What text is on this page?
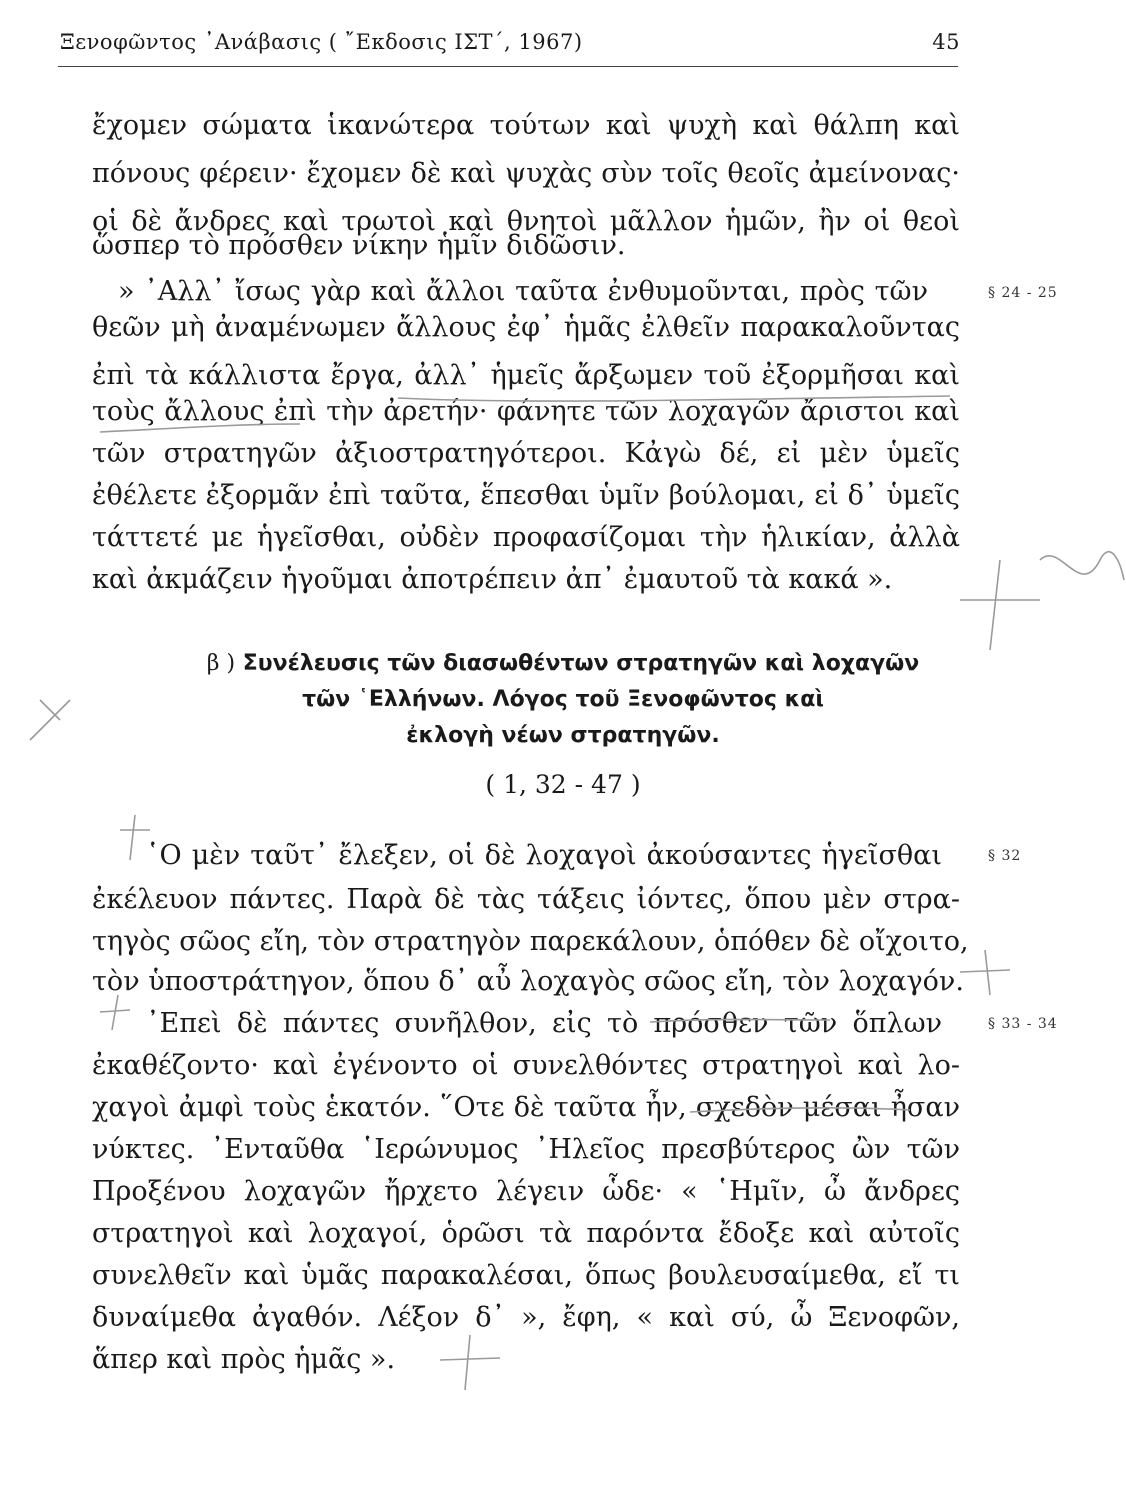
Ξενοφῶντος ᾿Ανάβασις ( ῎Εκδοσις ΙΣΤ΄, 1967)	45
ἔχομεν σώματα ἱκανώτερα τούτων καὶ ψυχὴ καὶ θάλπη καὶ
πόνους φέρειν· ἔχομεν δὲ καὶ ψυχὰς σὺν τοῖς θεοῖς ἀμείνονας·
οἱ δὲ ἄνδρες καὶ τρωτοὶ καὶ θνητοὶ μᾶλλον ἡμῶν, ἢν οἱ θεοὶ
ὥσπερ τὸ πρόσθεν νίκην ἡμῖν διδῶσιν.
» ᾿Αλλ᾿ ἴσως γὰρ καὶ ἄλλοι ταῦτα ἐνθυμοῦνται, πρὸς τῶν	§ 24 - 25
θεῶν μὴ ἀναμένωμεν ἄλλους ἐφ᾿ ἡμᾶς ἐλθεῖν παρακαλοῦντας
ἐπὶ τὰ κάλλιστα ἔργα, ἀλλ᾿ ἡμεῖς ἄρξωμεν τοῦ ἐξορμῆσαι καὶ
τοὺς ἄλλους ἐπὶ τὴν ἀρετήν· φάνητε τῶν λοχαγῶν ἄριστοι καὶ
τῶν στρατηγῶν ἀξιοστρατηγότεροι. Κἀγὼ δέ, εἰ μὲν ὑμεῖς
ἐθέλετε ἐξορμᾶν ἐπὶ ταῦτα, ἕπεσθαι ὑμῖν βούλομαι, εἰ δ᾿ ὑμεῖς
τάττετέ με ἡγεῖσθαι, οὐδὲν προφασίζομαι τὴν ἡλικίαν, ἀλλὰ
καὶ ἀκμάζειν ἡγοῦμαι ἀποτρέπειν ἀπ᾿ ἐμαυτοῦ τὰ κακά ».
β ) Συνέλευσις τῶν διασωθέντων στρατηγῶν καὶ λοχαγῶν
τῶν ῾Ελλήνων. Λόγος τοῦ Ξενοφῶντος καὶ
ἐκλογὴ νέων στρατηγῶν.
( 1, 32 - 47 )
῾Ο μὲν ταῦτ᾿ ἔλεξεν, οἱ δὲ λοχαγοὶ ἀκούσαντες ἡγεῖσθαι	§ 32
ἐκέλευον πάντες. Παρὰ δὲ τὰς τάξεις ἰόντες, ὅπου μὲν στρα-
τηγὸς σῶος εἴη, τὸν στρατηγὸν παρεκάλουν, ὁπόθεν δὲ οἴχοιτο,
τὸν ὑποστράτηγον, ὅπου δ᾿ αὖ λοχαγὸς σῶος εἴη, τὸν λοχαγόν.
᾿Επεὶ δὲ πάντες συνῆλθον, εἰς τὸ πρόσθεν τῶν ὅπλων	§ 33 - 34
ἐκαθέζοντο· καὶ ἐγένοντο οἱ συνελθόντες στρατηγοὶ καὶ λο-
χαγοὶ ἀμφὶ τοὺς ἑκατόν. ῞Οτε δὲ ταῦτα ἦν, σχεδὸν μέσαι ἦσαν
νύκτες. ᾿Ενταῦθα ῾Ιερώνυμος ᾿Ηλεῖος πρεσβύτερος ὢν τῶν
Προξένου λοχαγῶν ἤρχετο λέγειν ὧδε· « ῾Ημῖν, ὦ ἄνδρες
στρατηγοὶ καὶ λοχαγοί, ὁρῶσι τὰ παρόντα ἔδοξε καὶ αὐτοῖς
συνελθεῖν καὶ ὑμᾶς παρακαλέσαι, ὅπως βουλευσαίμεθα, εἴ τι
δυναίμεθα ἀγαθόν. Λέξον δ᾿ », ἔφη, « καὶ σύ, ὦ Ξενοφῶν,
ἅπερ καὶ πρὸς ἡμᾶς ».
